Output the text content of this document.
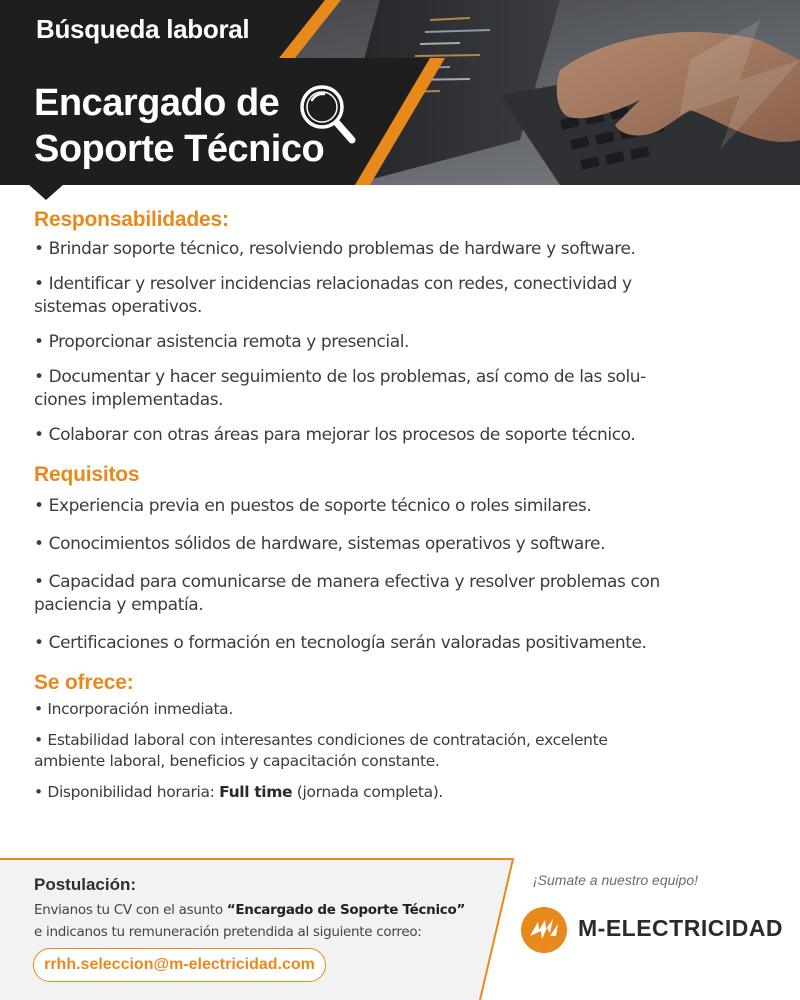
Búsqueda laboral
Encargado de
Soporte Técnico
Responsabilidades:
• Brindar soporte técnico, resolviendo problemas de hardware y software.
• Identificar y resolver incidencias relacionadas con redes, conectividad y
sistemas operativos.
• Proporcionar asistencia remota y presencial.
• Documentar y hacer seguimiento de los problemas, así como de las solu-
ciones implementadas.
• Colaborar con otras áreas para mejorar los procesos de soporte técnico.
Requisitos
• Experiencia previa en puestos de soporte técnico o roles similares.
• Conocimientos sólidos de hardware, sistemas operativos y software.
• Capacidad para comunicarse de manera efectiva y resolver problemas con
paciencia y empatía.
• Certificaciones o formación en tecnología serán valoradas positivamente.
Se ofrece:
• Incorporación inmediata.
• Estabilidad laboral con interesantes condiciones de contratación, excelente
ambiente laboral, beneficios y capacitación constante.
• Disponibilidad horaria: Full time (jornada completa).
Postulación:
Envianos tu CV con el asunto “Encargado de Soporte Técnico”
e indicanos tu remuneración pretendida al siguiente correo:
rrhh.seleccion@m-electricidad.com
¡Sumate a nuestro equipo!
M-ELECTRICIDAD
